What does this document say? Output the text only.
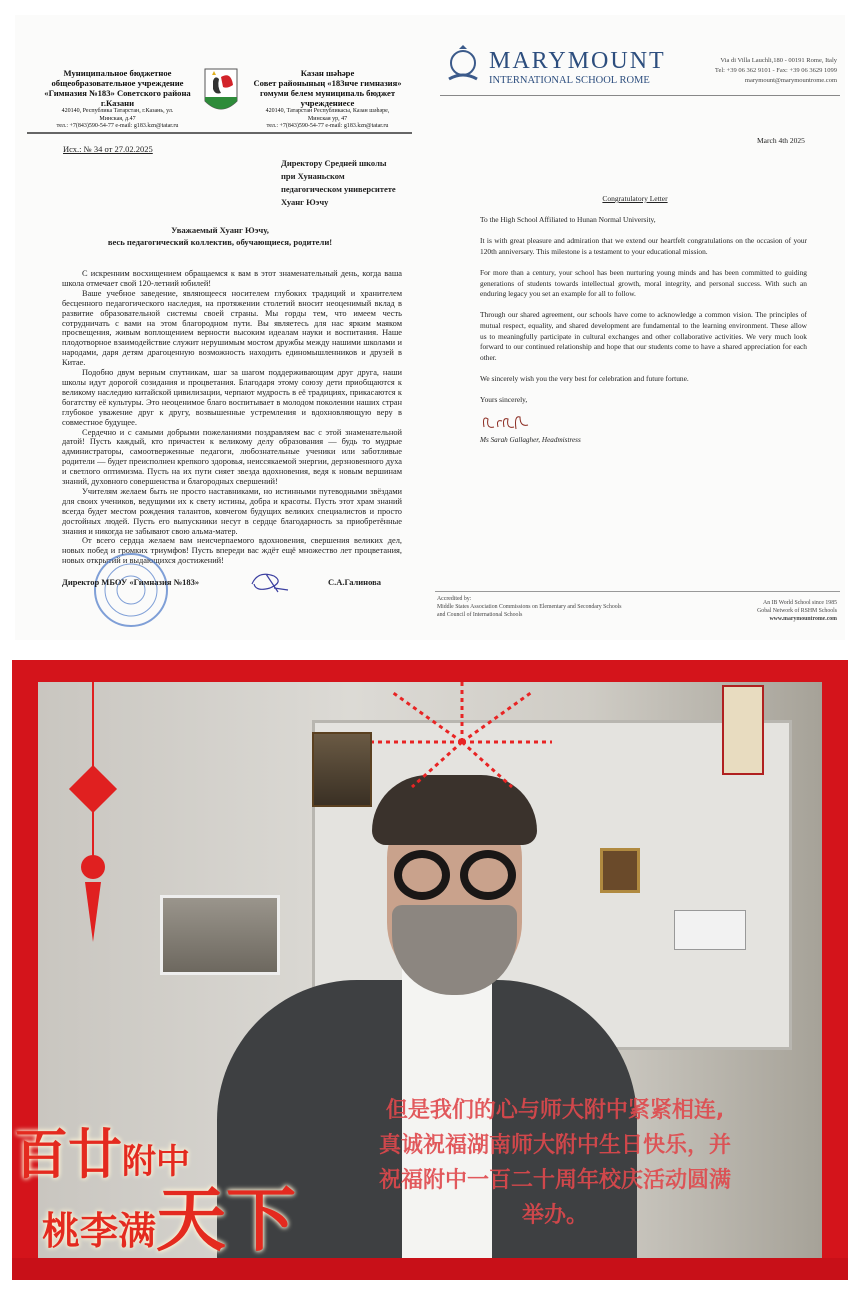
Муниципальное бюджетное
общеобразовательное учреждение
«Гимназия №183» Советского района
г.Казани
420140, Республика Татарстан, г.Казань, ул.
Минская, д.47
тел.: +7(843)590-54-77 e-mail: g183.kzn@tatar.ru
Казан шәһәре
Совет районының «183нче гимназия»
гомуми белем муниципаль бюджет
учреждениесе
420140, Татарстан Республикасы, Казан шәһәре,
Минская ур, 47
тел.: +7(843)590-54-77 e-mail: g183.kzn@tatar.ru
Исх.: № 34 от 27.02.2025
Директору Средней школы
при Хунаньском
педагогическом университете
Хуанг Юэчу
Уважаемый Хуанг Юэчу,
весь педагогический коллектив, обучающиеся, родители!

С искренним восхищением обращаемся к вам в этот знаменательный день, когда ваша школа отмечает свой 120-летний юбилей!

Ваше учебное заведение, являющееся носителем глубоких традиций и хранителем бесценного педагогического наследия, на протяжении столетий вносит неоценимый вклад в развитие образовательной системы своей страны. Мы горды тем, что имеем честь сотрудничать с вами на этом благородном пути. Вы являетесь для нас ярким маяком просвещения, живым воплощением верности высоким идеалам науки и воспитания. Наше плодотворное взаимодействие служит нерушимым мостом дружбы между нашими школами и народами, даря детям драгоценную возможность находить единомышленников и друзей в Китае.

Подобно двум верным спутникам, шаг за шагом поддерживающим друг друга, наши школы идут дорогой созидания и процветания. Благодаря этому союзу дети приобщаются к великому наследию китайской цивилизации, черпают мудрость в её традициях, прикасаются к богатству её культуры. Это неоценимое благо воспитывает в молодом поколении наших стран глубокое уважение друг к другу, возвышенные устремления и вдохновляющую веру в совместное будущее.

Сердечно и с самыми добрыми пожеланиями поздравляем вас с этой знаменательной датой! Пусть каждый, кто причастен к великому делу образования — будь то мудрые администраторы, самоотверженные педагоги, любознательные ученики или заботливые родители — будет преисполнен крепкого здоровья, неиссякаемой энергии, дерзновенного духа и светлого оптимизма. Пусть на их пути сияет звезда вдохновения, ведя к новым вершинам знаний, духовного совершенства и благородных свершений!

Учителям желаем быть не просто наставниками, но истинными путеводными звёздами для своих учеников, ведущими их к свету истины, добра и красоты. Пусть этот храм знаний всегда будет местом рождения талантов, ковчегом будущих великих специалистов и просто достойных людей. Пусть его выпускники несут в сердце благодарность за приобретённые знания и никогда не забывают свою альма-матер.

От всего сердца желаем вам неисчерпаемого вдохновения, свершения великих дел, новых побед и громких триумфов! Пусть впереди вас ждёт ещё множество лет процветания, новых открытий и выдающихся достижений!

Директор МБОУ «Гимназия №183»	С.А.Галинова
MARYMOUNT
INTERNATIONAL SCHOOL ROME
Via di Villa Lauchli,180 - 00191 Rome, Italy
Tel: +39 06 362 9101 - Fax: +39 06 3629 1099
marymount@marymountrome.com
March 4th 2025
Congratulatory Letter

To the High School Affiliated to Hunan Normal University,

It is with great pleasure and admiration that we extend our heartfelt congratulations on the occasion of your 120th anniversary. This milestone is a testament to your educational mission.

For more than a century, your school has been nurturing young minds and has been committed to guiding generations of students towards intellectual growth, moral integrity, and personal success. With such an enduring legacy you set an example for all to follow.

Through our shared agreement, our schools have come to acknowledge a common vision. The principles of mutual respect, equality, and shared development are fundamental to the learning environment. These allow us to meaningfully participate in cultural exchanges and other collaborative activities. We very much look forward to our continued relationship and hope that our students come to have a shared appreciation for each other.

We sincerely wish you the very best for celebration and future fortune.

Yours sincerely,

Ms Sarah Gallagher, Headmistress
Accredited by:
Middle States Association Commissions on Elementary and Secondary Schools
and Council of International Schools
An IB World School since 1985
Gobal Network of RSHM Schools
www.marymountrome.com
百廿附中
桃李满天下
但是我们的心与师大附中紧紧相连,
真诚祝福湖南师大附中生日快乐，并
祝福附中一百二十周年校庆活动圆满
举办。
